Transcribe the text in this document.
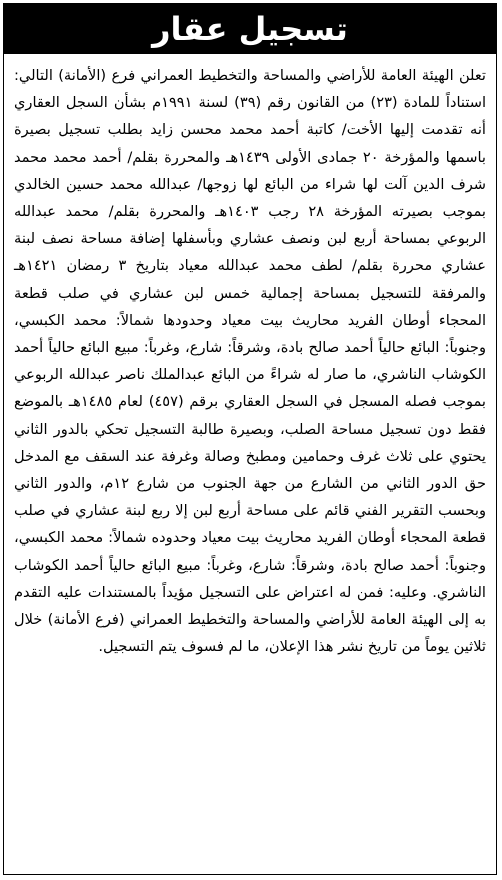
تسجيل عقار

تعلن الهيئة العامة للأراضي والمساحة والتخطيط العمراني فرع (الأمانة) التالي: استناداً للمادة (٢٣) من القانون رقم (٣٩) لسنة ١٩٩١م بشأن السجل العقاري أنه تقدمت إليها الأخت/ كاتبة أحمد محمد محسن زايد بطلب تسجيل بصيرة باسمها والمؤرخة ٢٠ جمادى الأولى ١٤٣٩هـ والمحررة بقلم/ أحمد محمد محمد شرف الدين آلت لها شراء من البائع لها زوجها/ عبدالله محمد حسين الخالدي بموجب بصيرته المؤرخة ٢٨ رجب ١٤٠٣هـ والمحررة بقلم/ محمد عبدالله الربوعي بمساحة أربع لبن ونصف عشاري وبأسفلها إضافة مساحة نصف لبنة عشاري محررة بقلم/ لطف محمد عبدالله معياد بتاريخ ٣ رمضان ١٤٢١هـ والمرفقة للتسجيل بمساحة إجمالية خمس لبن عشاري في صلب قطعة المحجاء أوطان الفريد محاريث بيت معياد وحدودها شمالاً: محمد الكبسي، وجنوباً: البائع حالياً أحمد صالح بادة، وشرقاً: شارع، وغرباً: مبيع البائع حالياً أحمد الكوشاب الناشري، ما صار له شراءً من البائع عبدالملك ناصر عبدالله الربوعي بموجب فصله المسجل في السجل العقاري برقم (٤٥٧) لعام ١٤٨٥هـ بالموضع فقط دون تسجيل مساحة الصلب، وبصيرة طالبة التسجيل تحكي بالدور الثاني يحتوي على ثلاث غرف وحمامين ومطبخ وصالة وغرفة عند السقف مع المدخل حق الدور الثاني من الشارع من جهة الجنوب من شارع ١٢م، والدور الثاني وبحسب التقرير الفني قائم على مساحة أربع لبن إلا ربع لبنة عشاري في صلب قطعة المحجاء أوطان الفريد محاريث بيت معياد وحدوده شمالاً: محمد الكبسي، وجنوباً: أحمد صالح بادة، وشرقاً: شارع، وغرباً: مبيع البائع حالياً أحمد الكوشاب الناشري. وعليه: فمن له اعتراض على التسجيل مؤيداً بالمستندات عليه التقدم به إلى الهيئة العامة للأراضي والمساحة والتخطيط العمراني (فرع الأمانة) خلال ثلاثين يوماً من تاريخ نشر هذا الإعلان، ما لم فسوف يتم التسجيل.
